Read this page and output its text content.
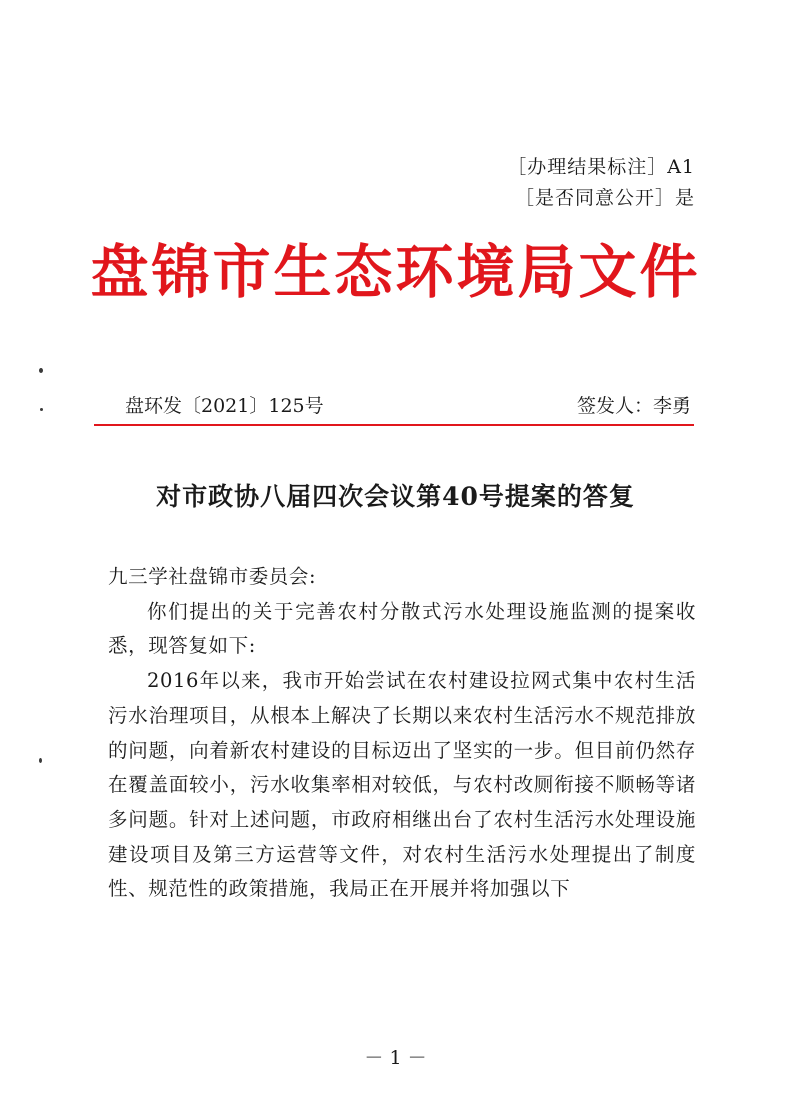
［办理结果标注］A1
［是否同意公开］是
盘锦市生态环境局文件
盘环发〔2021〕125号	签发人：李勇
对市政协八届四次会议第40号提案的答复

九三学社盘锦市委员会:

你们提出的关于完善农村分散式污水处理设施监测的提案收悉，现答复如下:

2016年以来，我市开始尝试在农村建设拉网式集中农村生活污水治理项目，从根本上解决了长期以来农村生活污水不规范排放的问题，向着新农村建设的目标迈出了坚实的一步。但目前仍然存在覆盖面较小，污水收集率相对较低，与农村改厕衔接不顺畅等诸多问题。针对上述问题，市政府相继出台了农村生活污水处理设施建设项目及第三方运营等文件，对农村生活污水处理提出了制度性、规范性的政策措施，我局正在开展并将加强以下

－ 1 －
